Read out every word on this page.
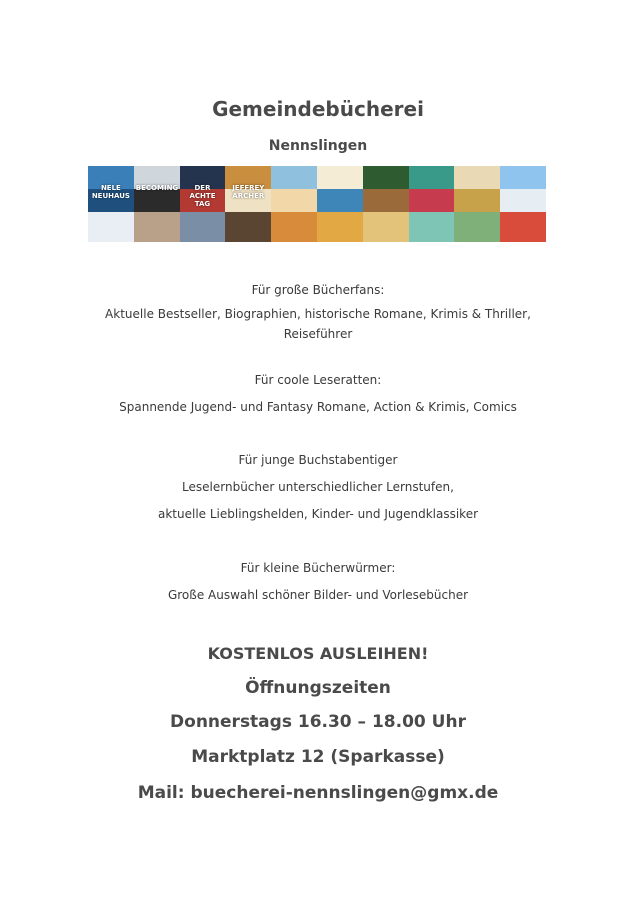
Gemeindebücherei
Nennslingen
NELE NEUHAUS
BECOMING	DER ACHTE TAG
JEFFREY ARCHER
Für große Bücherfans:
Aktuelle Bestseller, Biographien, historische Romane, Krimis & Thriller,
Reiseführer
Für coole Leseratten:
Spannende Jugend- und Fantasy Romane, Action & Krimis, Comics
Für junge Buchstabentiger
Leselernbücher unterschiedlicher Lernstufen,
aktuelle Lieblingshelden, Kinder- und Jugendklassiker
Für kleine Bücherwürmer:
Große Auswahl schöner Bilder- und Vorlesebücher
KOSTENLOS AUSLEIHEN!
Öffnungszeiten
Donnerstags 16.30 – 18.00 Uhr
Marktplatz 12 (Sparkasse)
Mail: buecherei-nennslingen@gmx.de
